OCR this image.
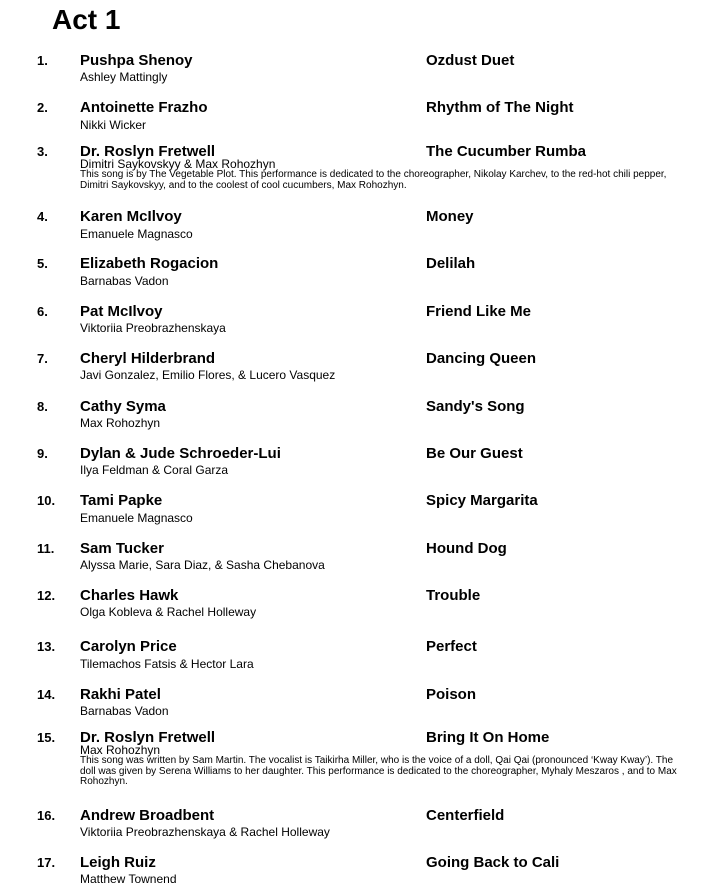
Act 1
1. Pushpa Shenoy	Ozdust Duet
Ashley Mattingly
2. Antoinette Frazho	Rhythm of The Night
Nikki Wicker
3. Dr. Roslyn Fretwell	The Cucumber Rumba
Dimitri Saykovskyy & Max Rohozhyn
This song is by The Vegetable Plot. This performance is dedicated to the choreographer, Nikolay Karchev, to the red-hot chili pepper, Dimitri Saykovskyy, and to the coolest of cool cucumbers, Max Rohozhyn.
4. Karen McIlvoy	Money
Emanuele Magnasco
5. Elizabeth Rogacion	Delilah
Barnabas Vadon
6. Pat McIlvoy	Friend Like Me
Viktoriia Preobrazhenskaya
7. Cheryl Hilderbrand	Dancing Queen
Javi Gonzalez, Emilio Flores, & Lucero Vasquez
8. Cathy Syma	Sandy's Song
Max Rohozhyn
9. Dylan & Jude Schroeder-Lui	Be Our Guest
Ilya Feldman & Coral Garza
10. Tami Papke	Spicy Margarita
Emanuele Magnasco
11. Sam Tucker	Hound Dog
Alyssa Marie, Sara Diaz, & Sasha Chebanova
12. Charles Hawk	Trouble
Olga Kobleva & Rachel Holleway
13. Carolyn Price	Perfect
Tilemachos Fatsis & Hector Lara
14. Rakhi Patel	Poison
Barnabas Vadon
15. Dr. Roslyn Fretwell	Bring It On Home
Max Rohozhyn
This song was written by Sam Martin. The vocalist is Taikirha Miller, who is the voice of a doll, Qai Qai (pronounced ‘Kway Kway’). The doll was given by Serena Williams to her daughter. This performance is dedicated to the choreographer, Myhaly Meszaros , and to Max Rohozhyn.
16. Andrew Broadbent	Centerfield
Viktoriia Preobrazhenskaya & Rachel Holleway
17. Leigh Ruiz	Going Back to Cali
Matthew Townend
